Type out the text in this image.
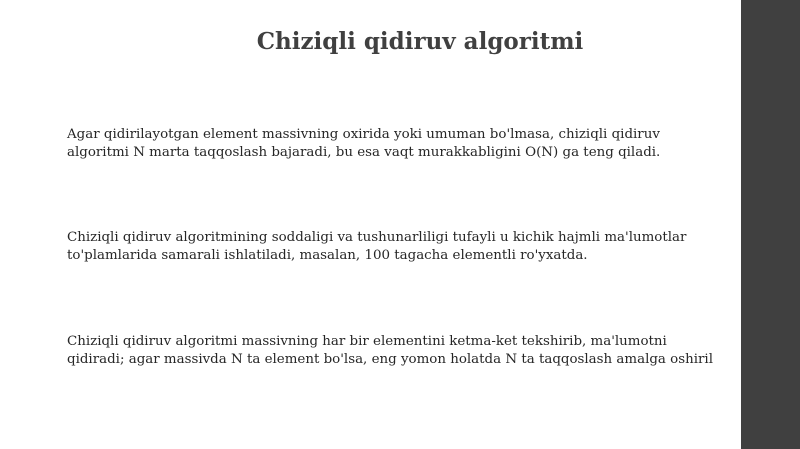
Chiziqli qidiruv algoritmi

Agar qidirilayotgan element massivning oxirida yoki umuman bo'lmasa, chiziqli qidiruv
algoritmi N marta taqqoslash bajaradi, bu esa vaqt murakkabligini O(N) ga teng qiladi.

Chiziqli qidiruv algoritmining soddaligi va tushunarliligi tufayli u kichik hajmli ma'lumotlar
to'plamlarida samarali ishlatiladi, masalan, 100 tagacha elementli ro'yxatda.

Chiziqli qidiruv algoritmi massivning har bir elementini ketma-ket tekshirib, ma'lumotni
qidiradi; agar massivda N ta element bo'lsa, eng yomon holatda N ta taqqoslash amalga oshiril
